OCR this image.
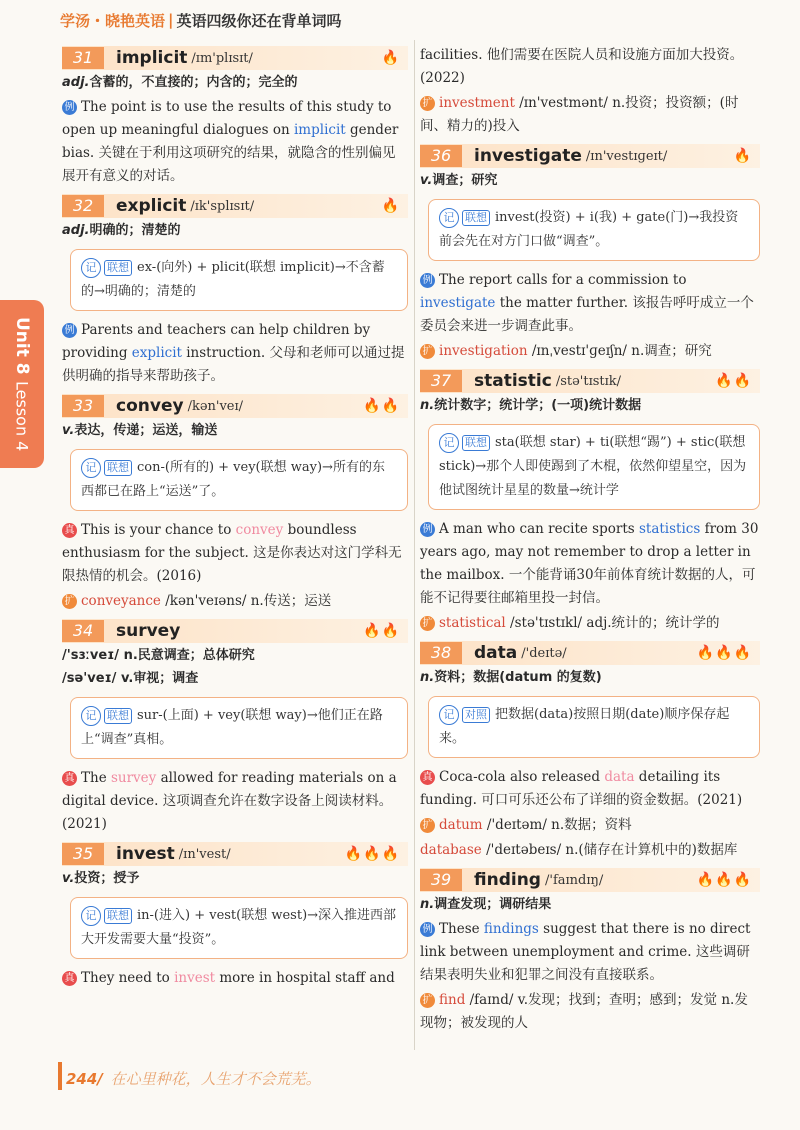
学汤・晓艳英语 | 英语四级你还在背单词吗
Unit 8
Lesson 4
31	implicit /ɪm'plɪsɪt/	🔥
adj.含蓄的，不直接的；内含的；完全的
例 The point is to use the results of this study to open up meaningful dialogues on implicit gender bias. 关键在于利用这项研究的结果，就隐含的性别偏见展开有意义的对话。
32	explicit /ɪk'splɪsɪt/	🔥
adj.明确的；清楚的
记 联想 ex-(向外) + plicit(联想 implicit)→不含蓄的→明确的；清楚的
例 Parents and teachers can help children by providing explicit instruction. 父母和老师可以通过提供明确的指导来帮助孩子。
33	convey /kən'veɪ/	🔥🔥
v.表达，传递；运送，输送
记 联想 con-(所有的) + vey(联想 way)→所有的东西都已在路上“运送”了。
真 This is your chance to convey boundless enthusiasm for the subject. 这是你表达对这门学科无限热情的机会。(2016)
扩 conveyance /kən'veɪəns/ n.传送；运送
34	survey	🔥🔥
/'sɜːveɪ/ n.民意调查；总体研究
/sə'veɪ/ v.审视；调查
记 联想 sur-(上面) + vey(联想 way)→他们正在路上“调查”真相。
真 The survey allowed for reading materials on a digital device. 这项调查允许在数字设备上阅读材料。(2021)
35	invest /ɪn'vest/	🔥🔥🔥
v.投资；授予
记 联想 in-(进入) + vest(联想 west)→深入推进西部大开发需要大量“投资”。
真 They need to invest more in hospital staff and
facilities. 他们需要在医院人员和设施方面加大投资。(2022)
扩 investment /ɪn'vestmənt/ n.投资；投资额；(时间、精力的)投入
36	investigate /ɪn'vestɪɡeɪt/	🔥
v.调查；研究
记 联想 invest(投资) + i(我) + gate(门)→我投资前会先在对方门口做“调查”。
例 The report calls for a commission to investigate the matter further. 该报告呼吁成立一个委员会来进一步调查此事。
扩 investigation /ɪnˌvestɪ'ɡeɪʃn/ n.调查；研究
37	statistic /stə'tɪstɪk/	🔥🔥
n.统计数字；统计学；(一项)统计数据
记 联想 sta(联想 star) + ti(联想“踢”) + stic(联想 stick)→那个人即使踢到了木棍，依然仰望星空，因为他试图统计星星的数量→统计学
例 A man who can recite sports statistics from 30 years ago, may not remember to drop a letter in the mailbox. 一个能背诵30年前体育统计数据的人，可能不记得要往邮箱里投一封信。
扩 statistical /stə'tɪstɪkl/ adj.统计的；统计学的
38	data /'deɪtə/	🔥🔥🔥
n.资料；数据(datum 的复数)
记 对照 把数据(data)按照日期(date)顺序保存起来。
真 Coca-cola also released data detailing its funding. 可口可乐还公布了详细的资金数据。(2021)
扩 datum /'deɪtəm/ n.数据；资料
database /'deɪtəbeɪs/ n.(储存在计算机中的)数据库
39	finding /'faɪndɪŋ/	🔥🔥🔥
n.调查发现；调研结果
例 These findings suggest that there is no direct link between unemployment and crime. 这些调研结果表明失业和犯罪之间没有直接联系。
扩 find /faɪnd/ v.发现；找到；查明；感到；发觉 n.发现物；被发现的人
244/ 在心里种花，人生才不会荒芜。
